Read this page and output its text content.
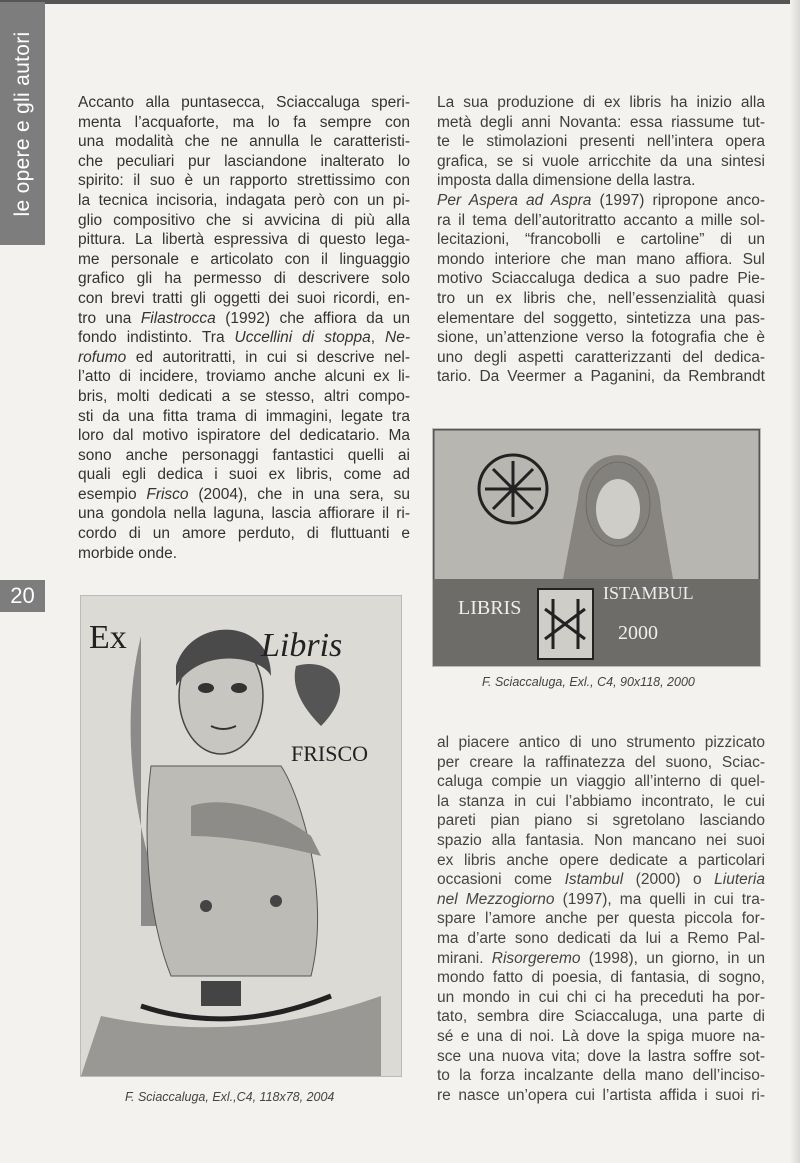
le opere e gli autori
20
Accanto alla puntasecca, Sciaccaluga speri-
menta l’acquaforte, ma lo fa sempre con
una modalità che ne annulla le caratteristi-
che peculiari pur lasciandone inalterato lo
spirito: il suo è un rapporto strettissimo con
la tecnica incisoria, indagata però con un pi-
glio compositivo che si avvicina di più alla
pittura. La libertà espressiva di questo lega-
me personale e articolato con il linguaggio
grafico gli ha permesso di descrivere solo
con brevi tratti gli oggetti dei suoi ricordi, en-
tro una Filastrocca (1992) che affiora da un
fondo indistinto. Tra Uccellini di stoppa, Ne-
rofumo ed autoritratti, in cui si descrive nel-
l’atto di incidere, troviamo anche alcuni ex li-
bris, molti dedicati a se stesso, altri compo-
sti da una fitta trama di immagini, legate tra
loro dal motivo ispiratore del dedicatario. Ma
sono anche personaggi fantastici quelli ai
quali egli dedica i suoi ex libris, come ad
esempio Frisco (2004), che in una sera, su
una gondola nella laguna, lascia affiorare il ri-
cordo di un amore perduto, di fluttuanti e
morbide onde.
La sua produzione di ex libris ha inizio alla
metà degli anni Novanta: essa riassume tut-
te le stimolazioni presenti nell’intera opera
grafica, se si vuole arricchite da una sintesi
imposta dalla dimensione della lastra.
Per Aspera ad Aspra (1997) ripropone anco-
ra il tema dell’autoritratto accanto a mille sol-
lecitazioni, “francobolli e cartoline” di un
mondo interiore che man mano affiora. Sul
motivo Sciaccaluga dedica a suo padre Pie-
tro un ex libris che, nell’essenzialità quasi
elementare del soggetto, sintetizza una pas-
sione, un’attenzione verso la fotografia che è
uno degli aspetti caratterizzanti del dedica-
tario. Da Veermer a Paganini, da Rembrandt
al piacere antico di uno strumento pizzicato
per creare la raffinatezza del suono, Sciac-
caluga compie un viaggio all’interno di quel-
la stanza in cui l’abbiamo incontrato, le cui
pareti pian piano si sgretolano lasciando
spazio alla fantasia. Non mancano nei suoi
ex libris anche opere dedicate a particolari
occasioni come Istambul (2000) o Liuteria
nel Mezzogiorno (1997), ma quelli in cui tra-
spare l’amore anche per questa piccola for-
ma d’arte sono dedicati da lui a Remo Pal-
mirani. Risorgeremo (1998), un giorno, in un
mondo fatto di poesia, di fantasia, di sogno,
un mondo in cui chi ci ha preceduti ha por-
tato, sembra dire Sciaccaluga, una parte di
sé e una di noi. Là dove la spiga muore na-
sce una nuova vita; dove la lastra soffre sot-
to la forza incalzante della mano dell’inciso-
re nasce un’opera cui l’artista affida i suoi ri-
Ex	Libris
FRISCO
F. Sciaccaluga, Exl.,C4, 118x78, 2004
LIBRIS
ISTAMBUL
2000
F. Sciaccaluga, Exl., C4, 90x118, 2000
